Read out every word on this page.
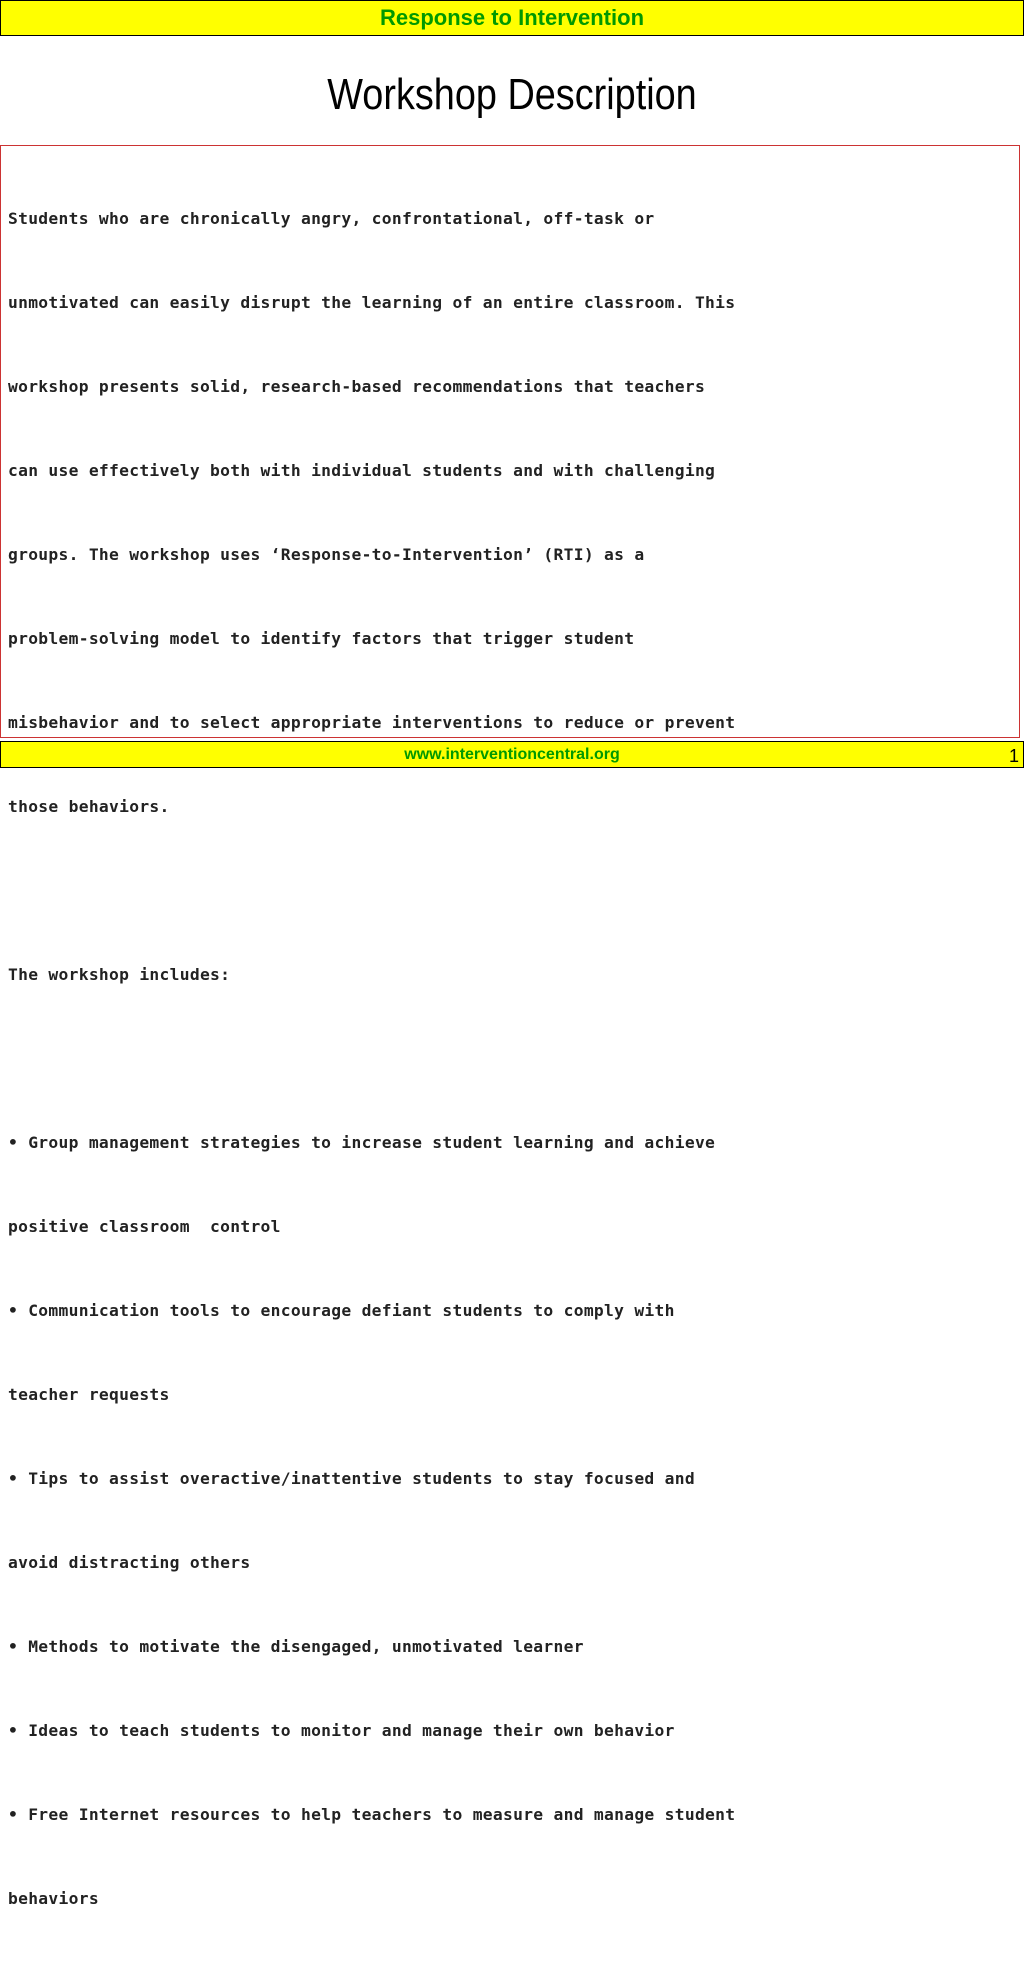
Response to Intervention
Workshop Description

Students who are chronically angry, confrontational, off-task or

unmotivated can easily disrupt the learning of an entire classroom. This

workshop presents solid, research-based recommendations that teachers

can use effectively both with individual students and with challenging

groups. The workshop uses ‘Response-to-Intervention’ (RTI) as a

problem-solving model to identify factors that trigger student

misbehavior and to select appropriate interventions to reduce or prevent

those behaviors.

The workshop includes:

• Group management strategies to increase student learning and achieve

positive classroom  control

• Communication tools to encourage defiant students to comply with

teacher requests

• Tips to assist overactive/inattentive students to stay focused and

avoid distracting others

• Methods to motivate the disengaged, unmotivated learner

• Ideas to teach students to monitor and manage their own behavior

• Free Internet resources to help teachers to measure and manage student

behaviors

www.interventioncentral.org	1
